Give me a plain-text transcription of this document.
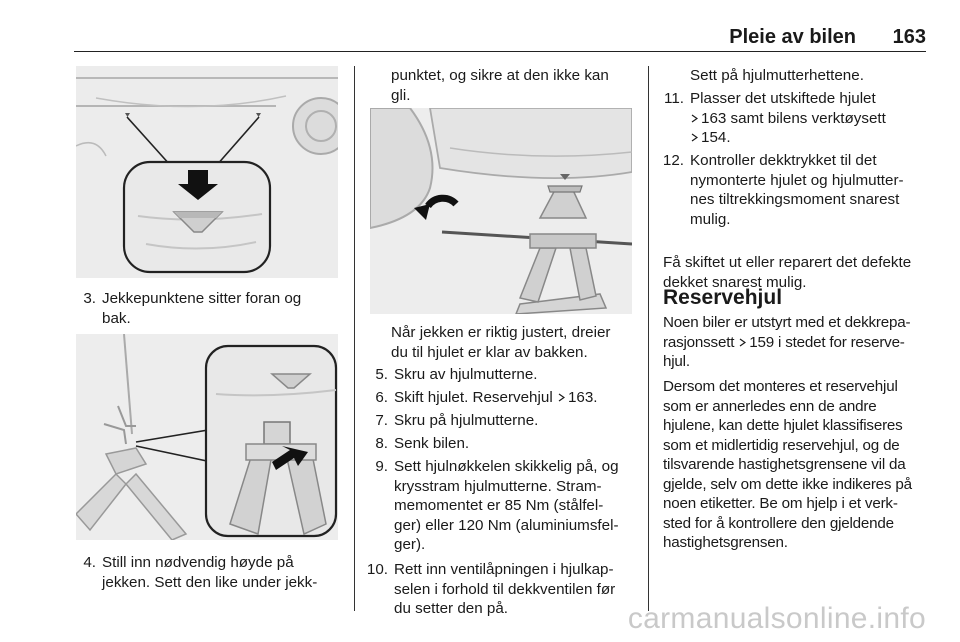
Pleie av bilen 163
3. Jekkepunktene sitter foran og
bak.
4. Still inn nødvendig høyde på
jekken. Sett den like under jekk-
punktet, og sikre at den ikke kan
gli.
Når jekken er riktig justert, dreier
du til hjulet er klar av bakken.
5. Skru av hjulmutterne.
6. Skift hjulet. Reservehjul 163.
7. Skru på hjulmutterne.
8. Senk bilen.
9. Sett hjulnøkkelen skikkelig på, og
krysstram hjulmutterne. Stram-
memomentet er 85 Nm (stålfel-
ger) eller 120 Nm (aluminiumsfel-
ger).
10. Rett inn ventilåpningen i hjulkap-
selen i forhold til dekkventilen før
du setter den på.
Sett på hjulmutterhettene.
11. Plasser det utskiftede hjulet
163 samt bilens verktøysett
154.
12. Kontroller dekktrykket til det
nymonterte hjulet og hjulmutter-
nes tiltrekkingsmoment snarest
mulig.
Få skiftet ut eller reparert det defekte
dekket snarest mulig.
Reservehjul
Noen biler er utstyrt med et dekkrepa-
rasjonssett 159 i stedet for reserve-
hjul.
Dersom det monteres et reservehjul
som er annerledes enn de andre
hjulene, kan dette hjulet klassifiseres
som et midlertidig reservehjul, og de
tilsvarende hastighetsgrensene vil da
gjelde, selv om dette ikke indikeres på
noen etiketter. Be om hjelp i et verk-
sted for å kontrollere den gjeldende
hastighetsgrensen.
carmanualsonline.info
